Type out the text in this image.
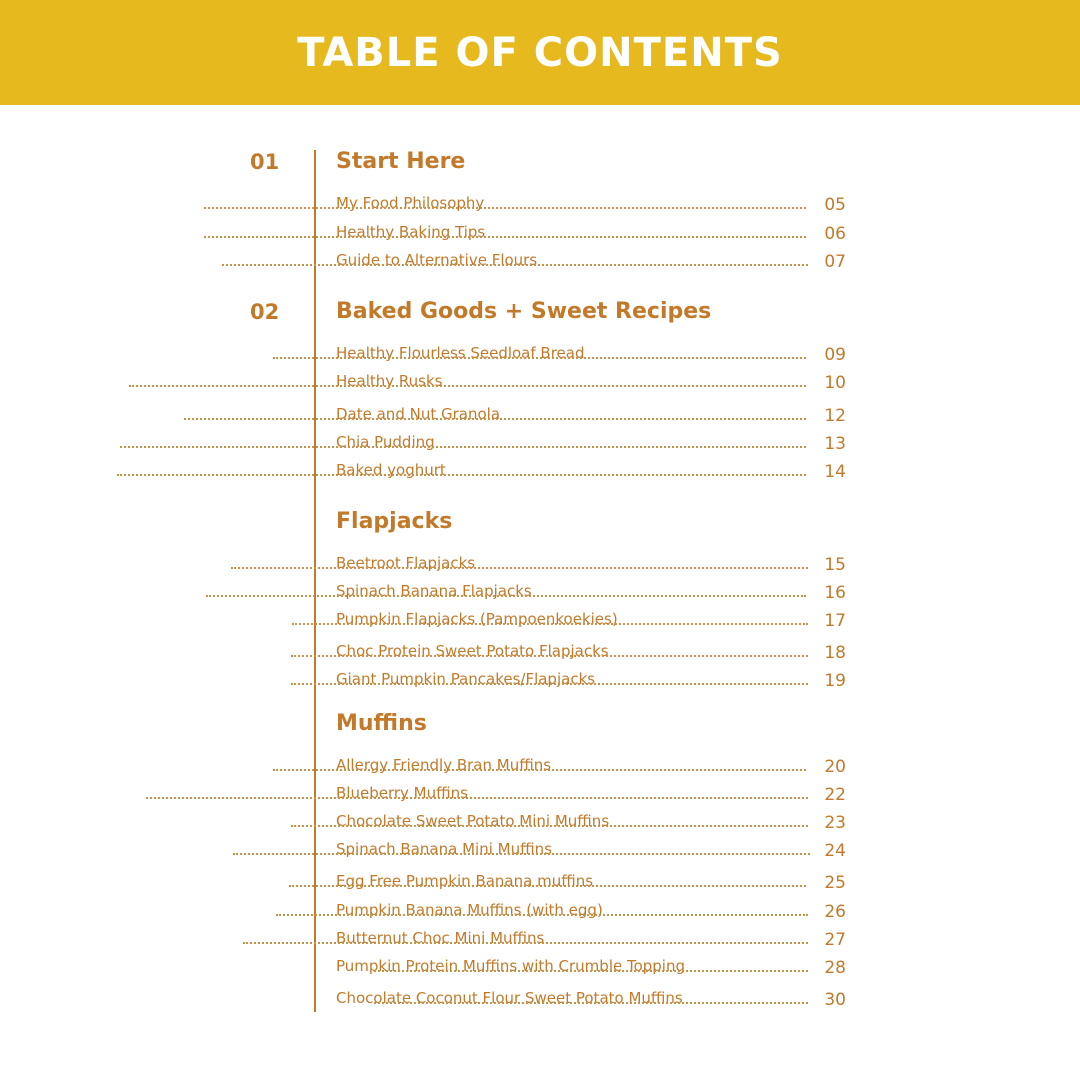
TABLE OF CONTENTS
01
02
Start Here
Baked Goods + Sweet Recipes
Flapjacks
Muffins
My Food Philosophy	05
Healthy Baking Tips	06
Guide to Alternative Flours	07
Healthy Flourless Seedloaf Bread	09
Healthy Rusks	10
Date and Nut Granola	12
Chia Pudding	13
Baked yoghurt	14
Beetroot Flapjacks	15
Spinach Banana Flapjacks	16
Pumpkin Flapjacks (Pampoenkoekies)	17
Choc Protein Sweet Potato Flapjacks	18
Giant Pumpkin Pancakes/Flapjacks	19
Allergy Friendly Bran Muffins	20
Blueberry Muffins	22
Chocolate Sweet Potato Mini Muffins	23
Spinach Banana Mini Muffins	24
Egg Free Pumpkin Banana muffins	25
Pumpkin Banana Muffins (with egg)	26
Butternut Choc Mini Muffins	27
Pumpkin Protein Muffins with Crumble Topping	28
Chocolate Coconut Flour Sweet Potato Muffins	30
